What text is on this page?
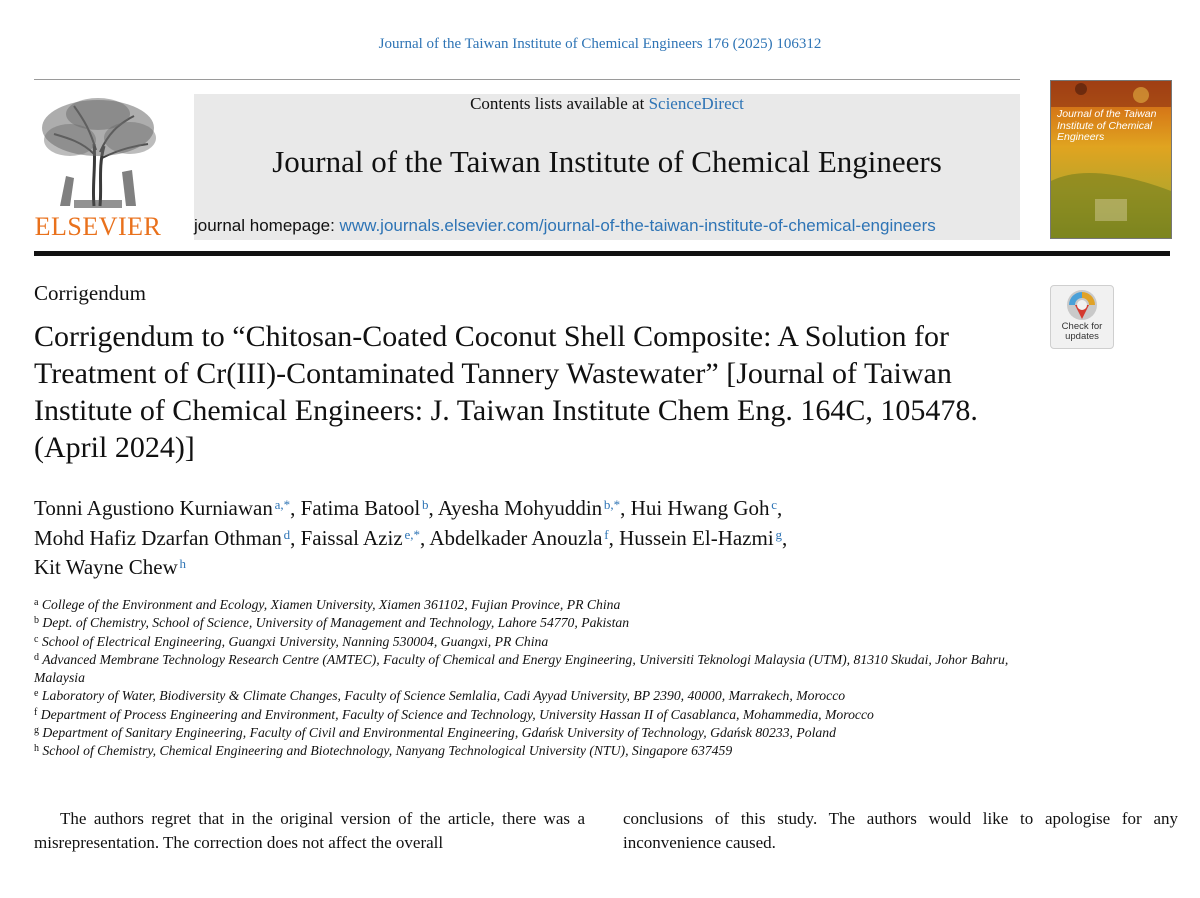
Journal of the Taiwan Institute of Chemical Engineers 176 (2025) 106312
ELSEVIER
Contents lists available at ScienceDirect
Journal of the Taiwan Institute of Chemical Engineers
journal homepage: www.journals.elsevier.com/journal-of-the-taiwan-institute-of-chemical-engineers
Journal of the Taiwan Institute of Chemical Engineers
Corrigendum
Corrigendum to “Chitosan-Coated Coconut Shell Composite: A Solution for Treatment of Cr(III)-Contaminated Tannery Wastewater” [Journal of Taiwan Institute of Chemical Engineers: J. Taiwan Institute Chem Eng. 164C, 105478. (April 2024)]
Check for
updates
Tonni Agustiono Kurniawan  $^{a,*}$, Fatima Batool  $^b$, Ayesha Mohyuddin  $^{b,*}$, Hui Hwang Goh  $^c$,
Mohd Hafiz Dzarfan Othman  $^d$, Faissal Aziz  $^{e,*}$, Abdelkader Anouzla  $^f$, Hussein El-Hazmi  $^g$,
Kit Wayne Chew  $^h$
$^a$ College of the Environment and Ecology, Xiamen University, Xiamen 361102, Fujian Province, PR China
$^b$ Dept. of Chemistry, School of Science, University of Management and Technology, Lahore 54770, Pakistan
$^c$ School of Electrical Engineering, Guangxi University, Nanning 530004, Guangxi, PR China
$^d$ Advanced Membrane Technology Research Centre (AMTEC), Faculty of Chemical and Energy Engineering, Universiti Teknologi Malaysia (UTM), 81310 Skudai, Johor Bahru, Malaysia
$^e$ Laboratory of Water, Biodiversity & Climate Changes, Faculty of Science Semlalia, Cadi Ayyad University, BP 2390, 40000, Marrakech, Morocco
$^f$ Department of Process Engineering and Environment, Faculty of Science and Technology, University Hassan II of Casablanca, Mohammedia, Morocco
$^g$ Department of Sanitary Engineering, Faculty of Civil and Environmental Engineering, Gdańsk University of Technology, Gdańsk 80233, Poland
$^h$ School of Chemistry, Chemical Engineering and Biotechnology, Nanyang Technological University (NTU), Singapore 637459
The authors regret that in the original version of the article, there was a misrepresentation. The correction does not affect the overall
conclusions of this study. The authors would like to apologise for any inconvenience caused.
